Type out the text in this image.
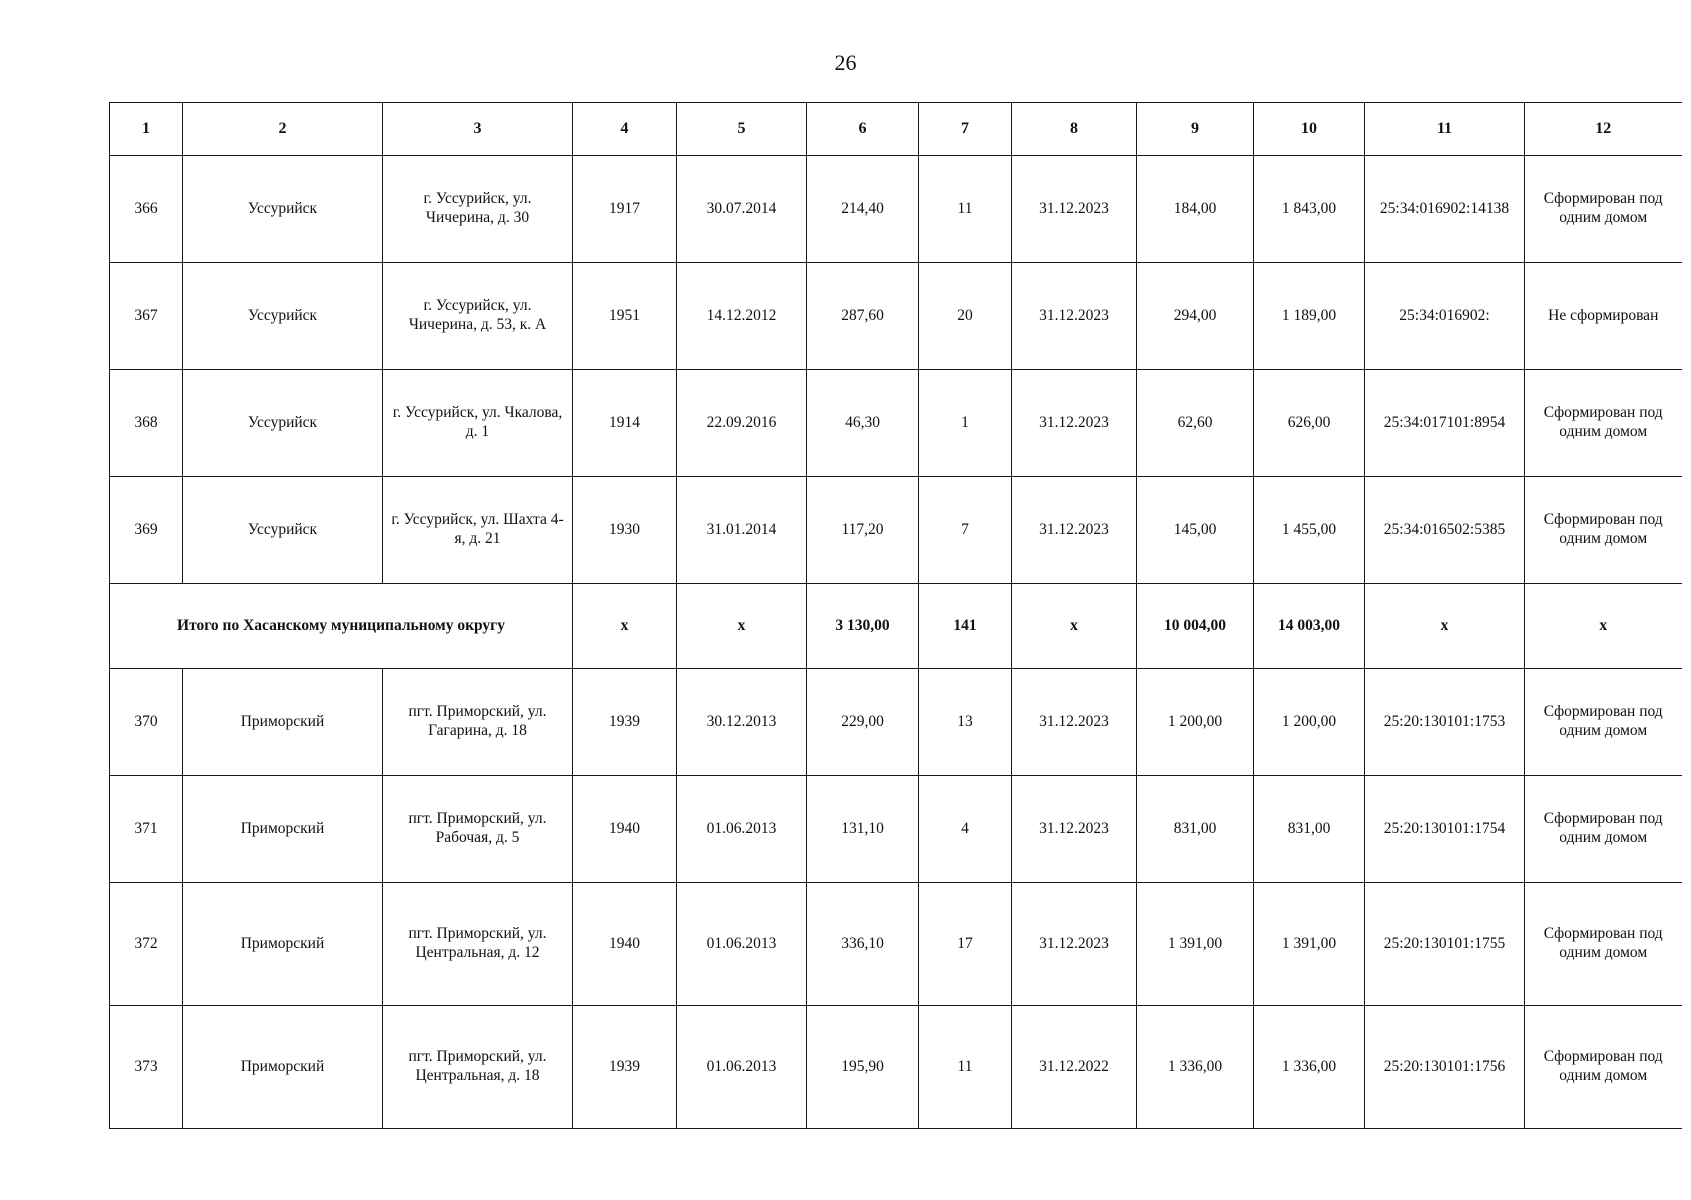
26
1	2	3	4	5	6	7	8	9	10	11	12
366	Уссурийск	г. Уссурийск, ул. Чичерина, д. 30	1917	30.07.2014	214,40	11	31.12.2023	184,00	1 843,00	25:34:016902:14138	Сформирован под одним домом
367	Уссурийск	г. Уссурийск, ул. Чичерина, д. 53, к. А	1951	14.12.2012	287,60	20	31.12.2023	294,00	1 189,00	25:34:016902:	Не сформирован
368	Уссурийск	г. Уссурийск, ул. Чкалова, д. 1	1914	22.09.2016	46,30	1	31.12.2023	62,60	626,00	25:34:017101:8954	Сформирован под одним домом
369	Уссурийск	г. Уссурийск, ул. Шахта 4-я, д. 21	1930	31.01.2014	117,20	7	31.12.2023	145,00	1 455,00	25:34:016502:5385	Сформирован под одним домом
Итого по Хасанскому муниципальному округу			х	х	3 130,00	141	х	10 004,00	14 003,00	х	х
370	Приморский	пгт. Приморский, ул. Гагарина, д. 18	1939	30.12.2013	229,00	13	31.12.2023	1 200,00	1 200,00	25:20:130101:1753	Сформирован под одним домом
371	Приморский	пгт. Приморский, ул. Рабочая, д. 5	1940	01.06.2013	131,10	4	31.12.2023	831,00	831,00	25:20:130101:1754	Сформирован под одним домом
372	Приморский	пгт. Приморский, ул. Центральная, д. 12	1940	01.06.2013	336,10	17	31.12.2023	1 391,00	1 391,00	25:20:130101:1755	Сформирован под одним домом
373	Приморский	пгт. Приморский, ул. Центральная, д. 18	1939	01.06.2013	195,90	11	31.12.2022	1 336,00	1 336,00	25:20:130101:1756	Сформирован под одним домом
